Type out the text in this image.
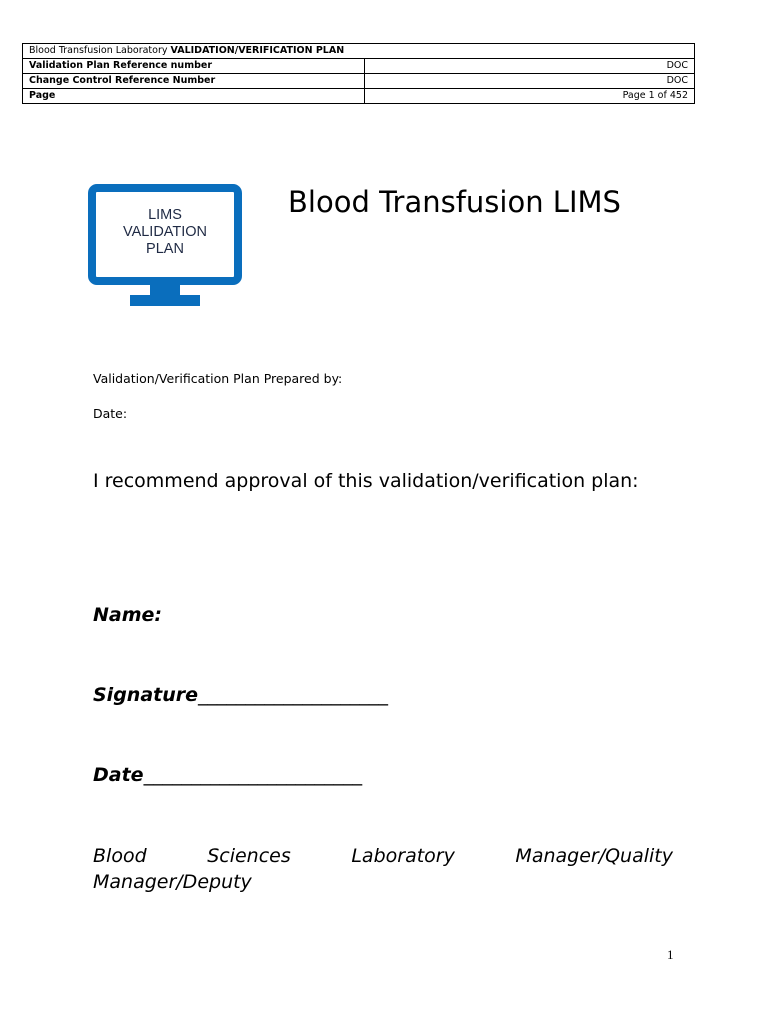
Blood Transfusion Laboratory VALIDATION/VERIFICATION PLAN	
Validation Plan Reference number	DOC
Change Control Reference Number	DOC
Page	Page 1 of 452
LIMS
VALIDATION
PLAN
Blood Transfusion LIMS
Validation/Verification Plan Prepared by:
Date:
I recommend approval of this validation/verification plan:
Name:
Signature____________________
Date_______________________
Blood	Sciences	Laboratory	Manager/Quality
Manager/Deputy
1
